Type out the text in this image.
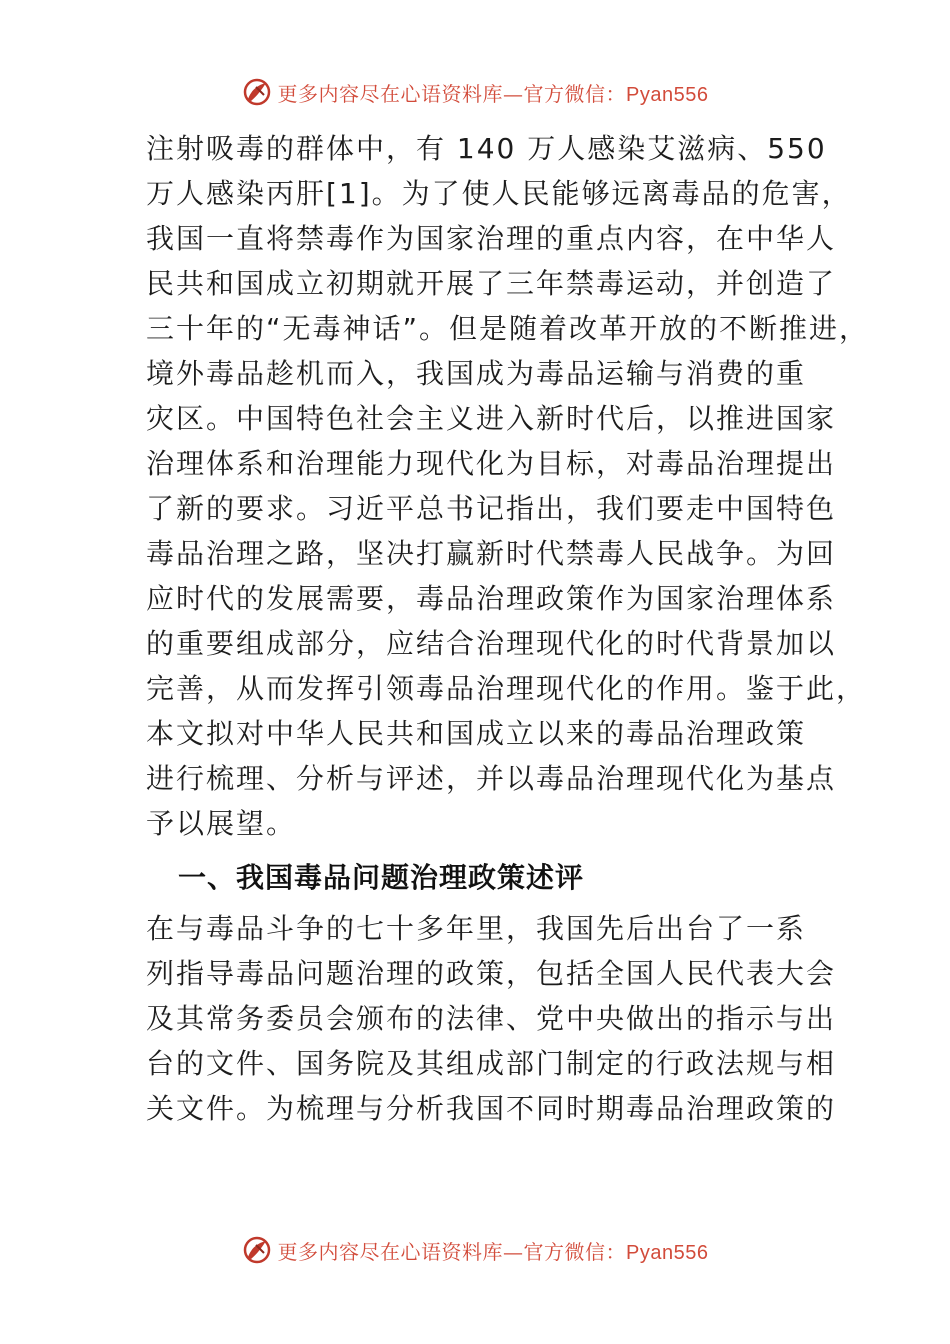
更多内容尽在心语资料库—官方微信：Pyan556
注射吸毒的群体中，有 140 万人感染艾滋病、550
万人感染丙肝[1]。为了使人民能够远离毒品的危害，
我国一直将禁毒作为国家治理的重点内容，在中华人
民共和国成立初期就开展了三年禁毒运动，并创造了
三十年的“无毒神话”。但是随着改革开放的不断推进，
境外毒品趁机而入，我国成为毒品运输与消费的重
灾区。中国特色社会主义进入新时代后，以推进国家
治理体系和治理能力现代化为目标，对毒品治理提出
了新的要求。习近平总书记指出，我们要走中国特色
毒品治理之路，坚决打赢新时代禁毒人民战争。为回
应时代的发展需要，毒品治理政策作为国家治理体系
的重要组成部分，应结合治理现代化的时代背景加以
完善，从而发挥引领毒品治理现代化的作用。鉴于此，
本文拟对中华人民共和国成立以来的毒品治理政策
进行梳理、分析与评述，并以毒品治理现代化为基点
予以展望。
一、我国毒品问题治理政策述评
在与毒品斗争的七十多年里，我国先后出台了一系
列指导毒品问题治理的政策，包括全国人民代表大会
及其常务委员会颁布的法律、党中央做出的指示与出
台的文件、国务院及其组成部门制定的行政法规与相
关文件。为梳理与分析我国不同时期毒品治理政策的
更多内容尽在心语资料库—官方微信：Pyan556
